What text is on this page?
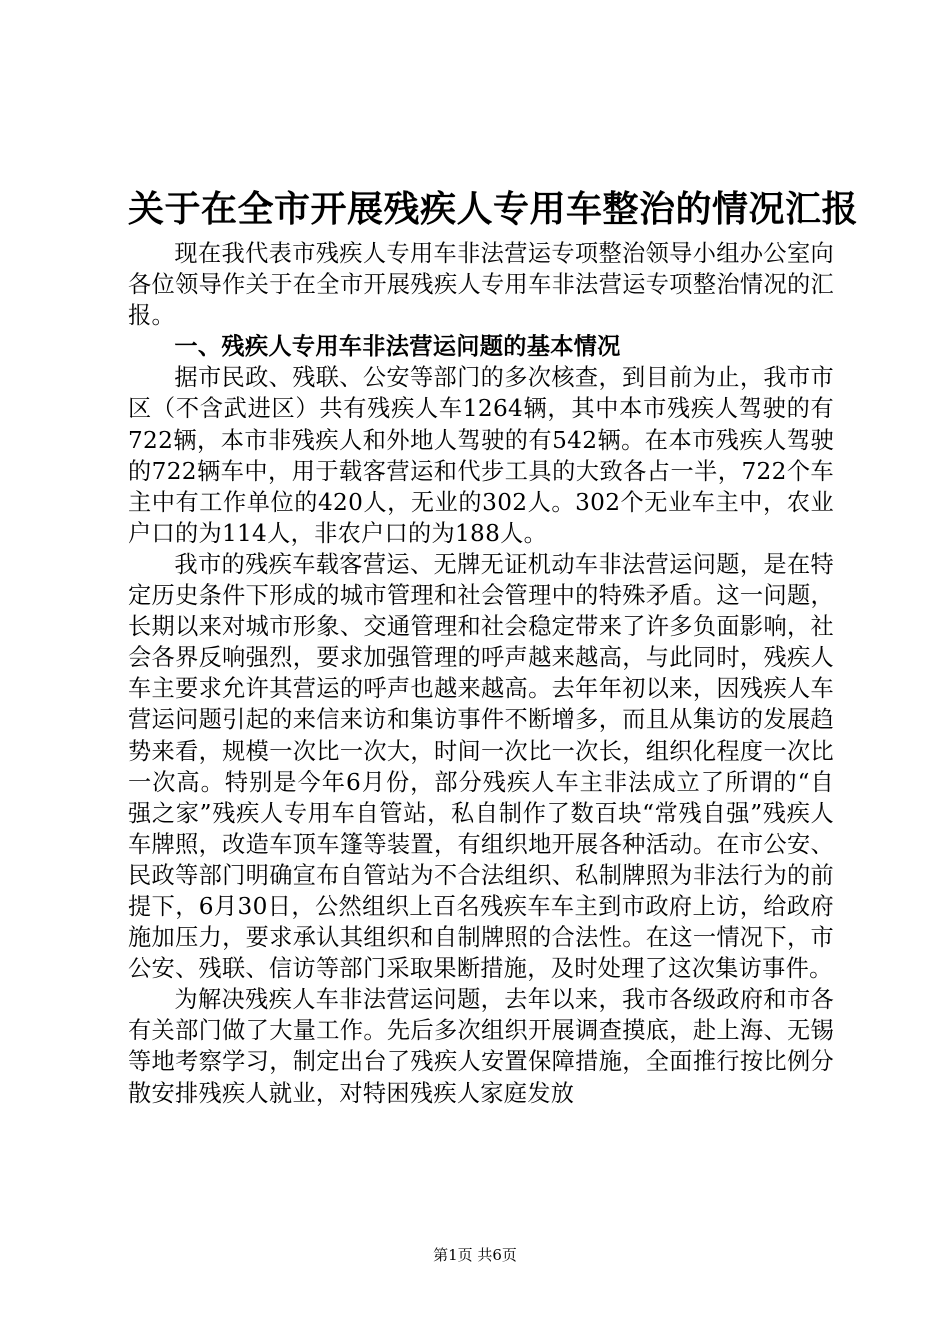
关于在全市开展残疾人专用车整治的情况汇报

现在我代表市残疾人专用车非法营运专项整治领导小组办公室向各位领导作关于在全市开展残疾人专用车非法营运专项整治情况的汇报。

一、残疾人专用车非法营运问题的基本情况

据市民政、残联、公安等部门的多次核查，到目前为止，我市市区（不含武进区）共有残疾人车1264辆，其中本市残疾人驾驶的有722辆，本市非残疾人和外地人驾驶的有542辆。在本市残疾人驾驶的722辆车中，用于载客营运和代步工具的大致各占一半，722个车主中有工作单位的420人，无业的302人。302个无业车主中，农业户口的为114人，非农户口的为188人。

我市的残疾车载客营运、无牌无证机动车非法营运问题，是在特定历史条件下形成的城市管理和社会管理中的特殊矛盾。这一问题，长期以来对城市形象、交通管理和社会稳定带来了许多负面影响，社会各界反响强烈，要求加强管理的呼声越来越高，与此同时，残疾人车主要求允许其营运的呼声也越来越高。去年年初以来，因残疾人车营运问题引起的来信来访和集访事件不断增多，而且从集访的发展趋势来看，规模一次比一次大，时间一次比一次长，组织化程度一次比一次高。特别是今年6月份，部分残疾人车主非法成立了所谓的“自强之家”残疾人专用车自管站，私自制作了数百块“常残自强”残疾人车牌照，改造车顶车篷等装置，有组织地开展各种活动。在市公安、民政等部门明确宣布自管站为不合法组织、私制牌照为非法行为的前提下，6月30日，公然组织上百名残疾车车主到市政府上访，给政府施加压力，要求承认其组织和自制牌照的合法性。在这一情况下，市公安、残联、信访等部门采取果断措施，及时处理了这次集访事件。

为解决残疾人车非法营运问题，去年以来，我市各级政府和市各有关部门做了大量工作。先后多次组织开展调查摸底，赴上海、无锡等地考察学习，制定出台了残疾人安置保障措施，全面推行按比例分散安排残疾人就业，对特困残疾人家庭发放

第1页 共6页
